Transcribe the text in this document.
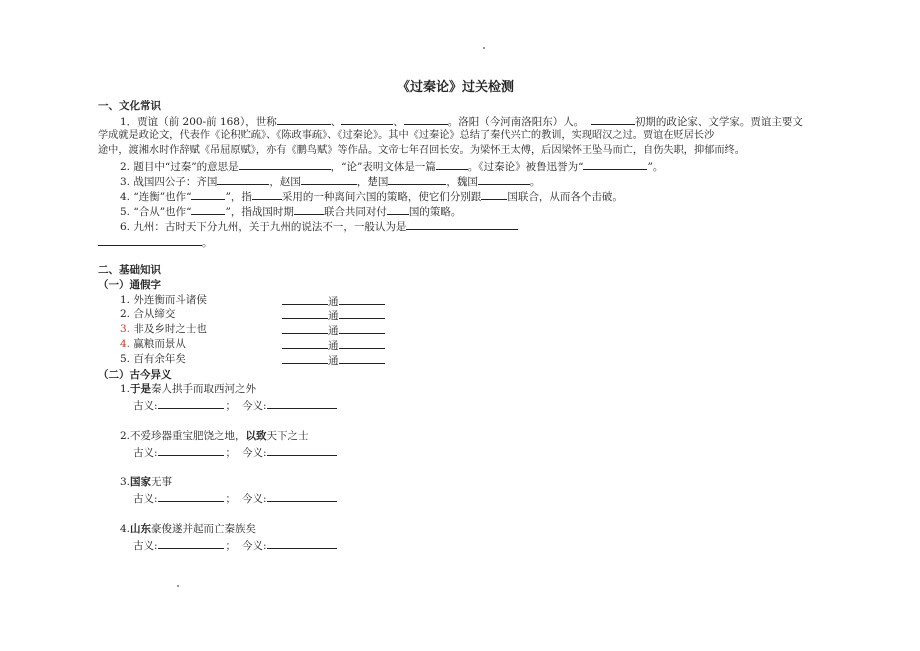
《过秦论》过关检测
一、文化常识
1．贾谊（前 200-前 168），世称	、	、	。洛阳（今河南洛阳东）人。	初期的政论家、文学家。贾谊主要文
学成就是政论文，代表作《论积贮疏》、《陈政事疏》、《过秦论》。其中《过秦论》总结了秦代兴亡的教训，实现昭汉之过。贾谊在贬居长沙
途中，渡湘水时作辞赋《吊屈原赋》，亦有《鹏鸟赋》等作品。文帝七年召回长安。为梁怀王太傅，后因梁怀王坠马而亡，自伤失职，抑郁而终。
2. 题目中“过秦”的意思是	，“论”表明文体是一篇	。《过秦论》被鲁迅誉为“	”。
3. 战国四公子：齐国	，赵国	，楚国	，魏国	。
4. “连衡”也作“	”，指	采用的一种离间六国的策略，使它们分别跟 国联合，从而各个击破。
5. “合从”也作“	”，指战国时期	联合共同对付 国的策略。
6. 九州：古时天下分九州，关于九州的说法不一，一般认为是
。
二、基础知识
（一）通假字
1. 外连衡而斗诸侯	通
2. 合从缔交	通
3. 非及乡时之士也	通
4. 赢粮而景从	通
5. 百有余年矣	通
（二）古今异义
1.于是秦人拱手而取西河之外
古义:	； 今义:
2.不爱珍器重宝肥饶之地，以致天下之士
古义:	； 今义:
3.国家无事
古义:	； 今义:
4.山东豪俊遂并起而亡秦族矣
古义:	； 今义:
